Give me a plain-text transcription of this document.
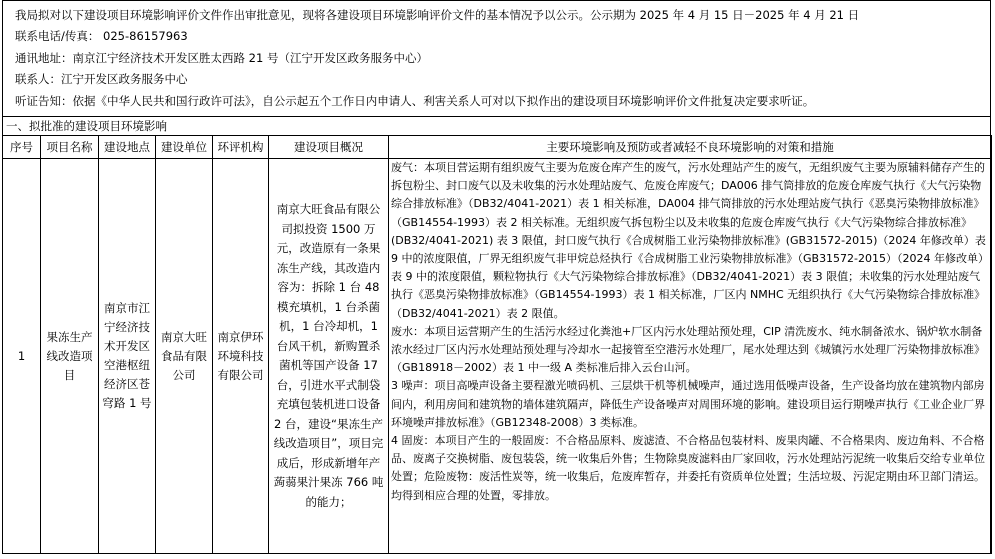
我局拟对以下建设项目环境影响评价文件作出审批意见，现将各建设项目环境影响评价文件的基本情况予以公示。公示期为 2025 年 4 月 15 日－2025 年 4 月 21 日
联系电话/传真： 025-86157963
通讯地址：南京江宁经济技术开发区胜太西路 21 号（江宁开发区政务服务中心）
联系人：江宁开发区政务服务中心
听证告知：依据《中华人民共和国行政许可法》，自公示起五个工作日内申请人、利害关系人可对以下拟作出的建设项目环境影响评价文件批复决定要求听证。
一、拟批准的建设项目环境影响
序号	项目名称	建设地点	建设单位	环评机构	建设项目概况	主要环境影响及预防或者减轻不良环境影响的对策和措施
1	果冻生产线改造项目	南京市江宁经济技术开发区空港枢纽经济区苍穹路 1 号	南京大旺食品有限公司	南京伊环环境科技有限公司	南京大旺食品有限公司拟投资 1500 万元，改造原有一条果冻生产线，其改造内容为：拆除 1 台 48 模充填机，1 台杀菌机，1 台冷却机，1 台风干机，新购置杀菌机等国产设备 17 台，引进水平式制袋充填包装机进口设备 2 台，建设“果冻生产线改造项目”，项目完成后，形成新增年产蒟蒻果汁果冻 766 吨的能力；	废气：本项目营运期有组织废气主要为危废仓库产生的废气，污水处理站产生的废气，无组织废气主要为原辅料储存产生的拆包粉尘、封口废气以及未收集的污水处理站废气、危废仓库废气；DA006 排气筒排放的危废仓库废气执行《大气污染物综合排放标准》（DB32/4041-2021）表 1 相关标准，DA004 排气筒排放的污水处理站废气执行《恶臭污染物排放标准》（GB14554-1993）表 2 相关标准。无组织废气拆包粉尘以及未收集的危废仓库废气执行《大气污染物综合排放标准》(DB32/4041-2021) 表 3 限值，封口废气执行《合成树脂工业污染物排放标准》(GB31572-2015)（2024 年修改单）表 9 中的浓度限值，厂界无组织废气非甲烷总烃执行《合成树脂工业污染物排放标准》（GB31572-2015）（2024 年修改单）表 9 中的浓度限值，颗粒物执行《大气污染物综合排放标准》（DB32/4041-2021）表 3 限值；未收集的污水处理站废气执行《恶臭污染物排放标准》（GB14554-1993）表 1 相关标准，厂区内 NMHC 无组织执行《大气污染物综合排放标准》（DB32/4041-2021）表 2 限值。

废水：本项目运营期产生的生活污水经过化粪池+厂区内污水处理站预处理，CIP 清洗废水、纯水制备浓水、锅炉软水制备浓水经过厂区内污水处理站预处理与冷却水一起接管至空港污水处理厂，尾水处理达到《城镇污水处理厂污染物排放标准》（GB18918－2002）表 1 中一级 A 类标准后排入云台山河。

3 噪声：项目高噪声设备主要程激光喷码机、三层烘干机等机械噪声，通过选用低噪声设备，生产设备均放在建筑物内部房间内，利用房间和建筑物的墙体建筑隔声，降低生产设备噪声对周围环境的影响。建设项目运行期噪声执行《工业企业厂界环境噪声排放标准》（GB12348-2008）3 类标准。

4 固废：本项目产生的一般固废：不合格品原料、废滤渣、不合格品包装材料、废果肉罐、不合格果肉、废边角料、不合格品、废离子交换树脂、废包装袋，统一收集后外售；生物除臭废滤料由厂家回收，污水处理站污泥统一收集后交给专业单位处置；危险废物：废活性炭等，统一收集后，危废库暂存，并委托有资质单位处置；生活垃圾、污泥定期由环卫部门清运。均得到相应合理的处置，零排放。
